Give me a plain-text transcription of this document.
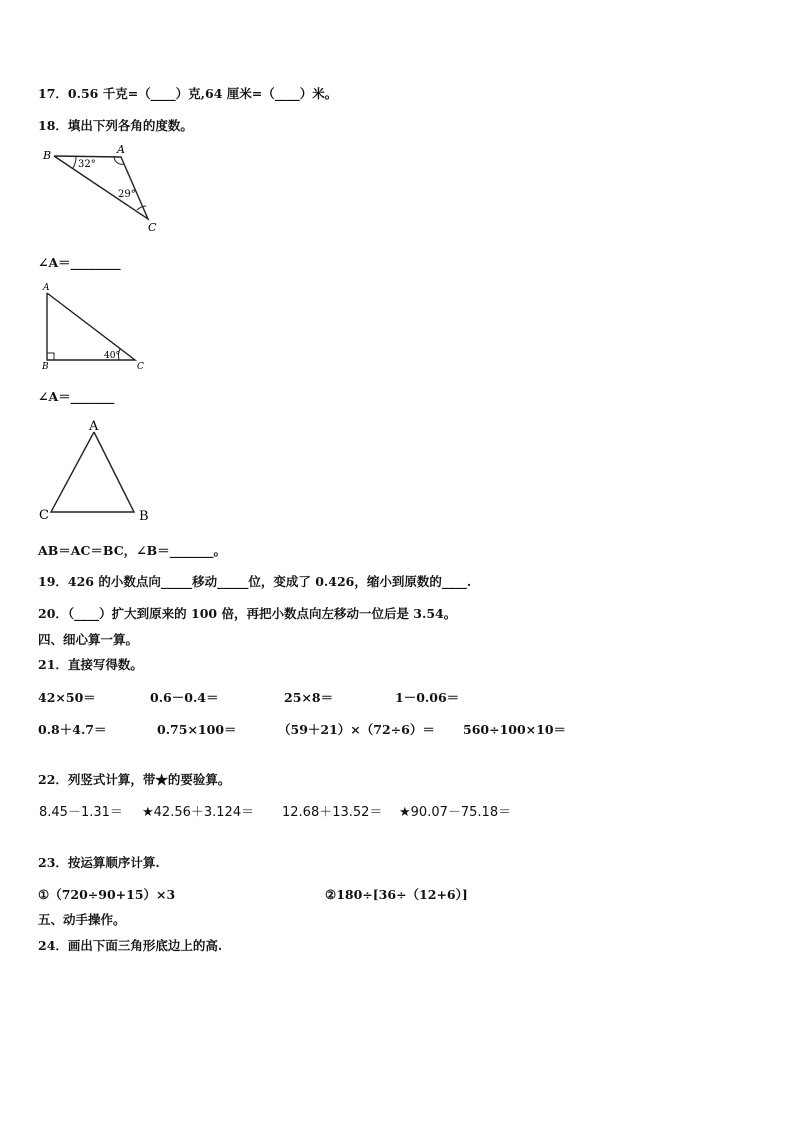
17．0.56 千克=（____）克,64 厘米=（____）米。
18．填出下列各角的度数。
B	A
C
32°
29°
∠A＝________
A
B	C
40°
∠A＝_______
A
C	B
AB＝AC＝BC，∠B＝_______。
19．426 的小数点向_____移动_____位，变成了 0.426，缩小到原数的____.
20．（____）扩大到原来的 100 倍，再把小数点向左移动一位后是 3.54。
四、细心算一算。
21．直接写得数。
42×50＝	0.6－0.4＝	25×8＝	1－0.06＝
0.8＋4.7＝	0.75×100＝	（59＋21）×（72÷6）＝ 560÷100×10＝
22．列竖式计算，带★的要验算。
8.45－1.31＝ ★42.56＋3.124＝ 12.68＋13.52＝ ★90.07－75.18＝
23．按运算顺序计算.
①（720÷90+15）×3	②180÷[36÷（12+6）]
五、动手操作。
24．画出下面三角形底边上的高.
